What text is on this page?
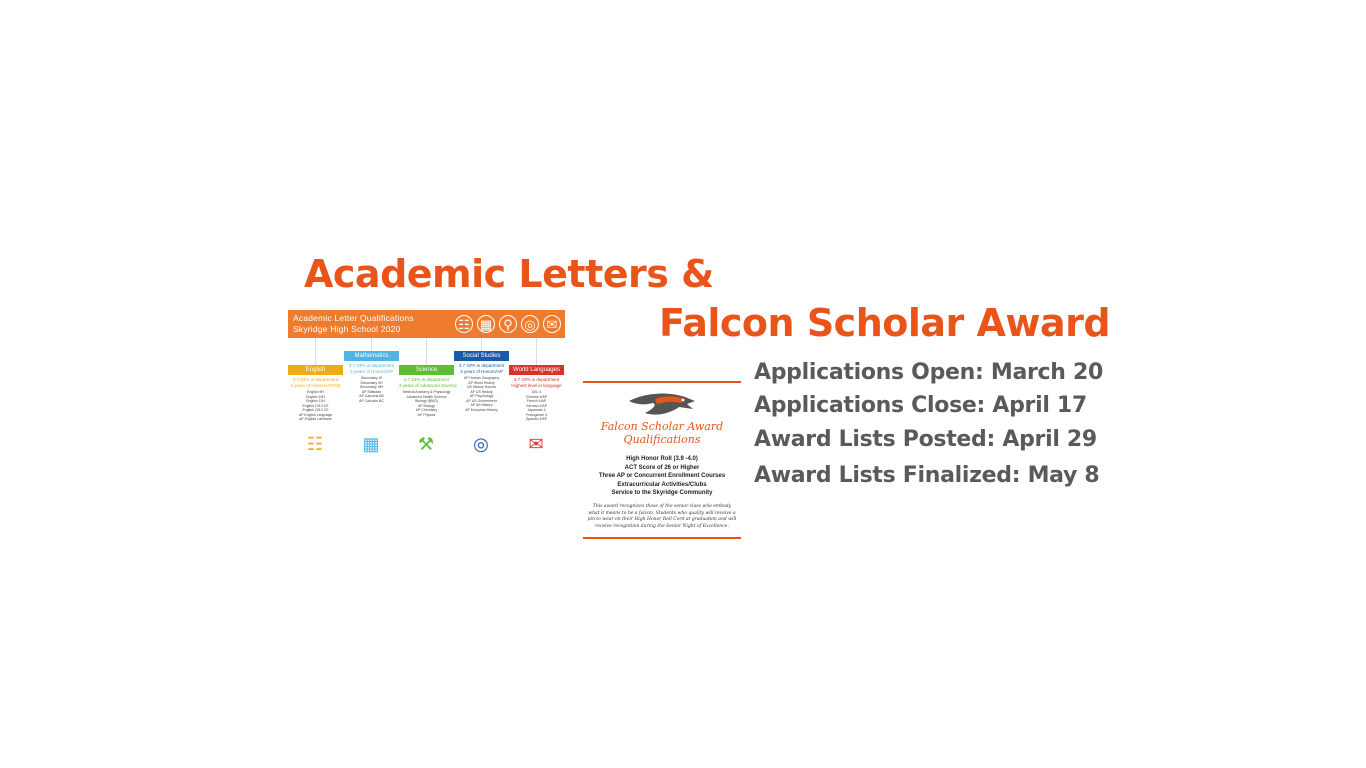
Academic Letters &
Falcon Scholar Award
Academic Letter Qualifications
Skyridge High School 2020	☷ ▦ ⚲ ◎ ✉
English
3.7 GPA in department
4 years of Honors/AP/CE
English 9H
English 10H
English 11H
English 1010 CE
English 2010 CE
AP English Language
AP English Literature
☷
Mathematics
3.7 GPA in department
3 years of Honors/AP
Secondary IH
Secondary IIH
Secondary IIIH
AP Statistics
AP Calculus AB
AP Calculus BC
▦
Science
3.7 GPA in department
3 years of Advanced Science
Medical Anatomy & Physiology
Advanced Health Science
Biology (BMD)
AP Biology
AP Chemistry
AP Physics
⚒
Social Studies
3.7 GPA in department
3 years of Honors/AP
AP Human Geography
AP World History
US History Honors
AP US History
AP Psychology
AP US Government
AP Art History
AP European History
◎
World Languages
3.7 GPA in department
Highest level in language
ASL 4
Chinese 4/AP
French 4/AP
German 4/AP
Japanese 4
Portuguese 4
Spanish 4/AP
✉
Falcon Scholar Award
Qualifications
High Honor Roll (3.9 -4.0)
ACT Score of 26 or Higher
Three AP or Concurrent Enrollment Courses
Extracurricular Activities/Clubs
Service to the Skyridge Community
This award recognizes those of the senior class who embody what it means to be a falcon. Students who qualify will receive a pin to wear on their High Honor Roll Cord at graduation and will receive recognition during the Senior Night of Excellence.
Applications Open: March 20
Applications Close: April 17
Award Lists Posted: April 29
Award Lists Finalized: May 8
